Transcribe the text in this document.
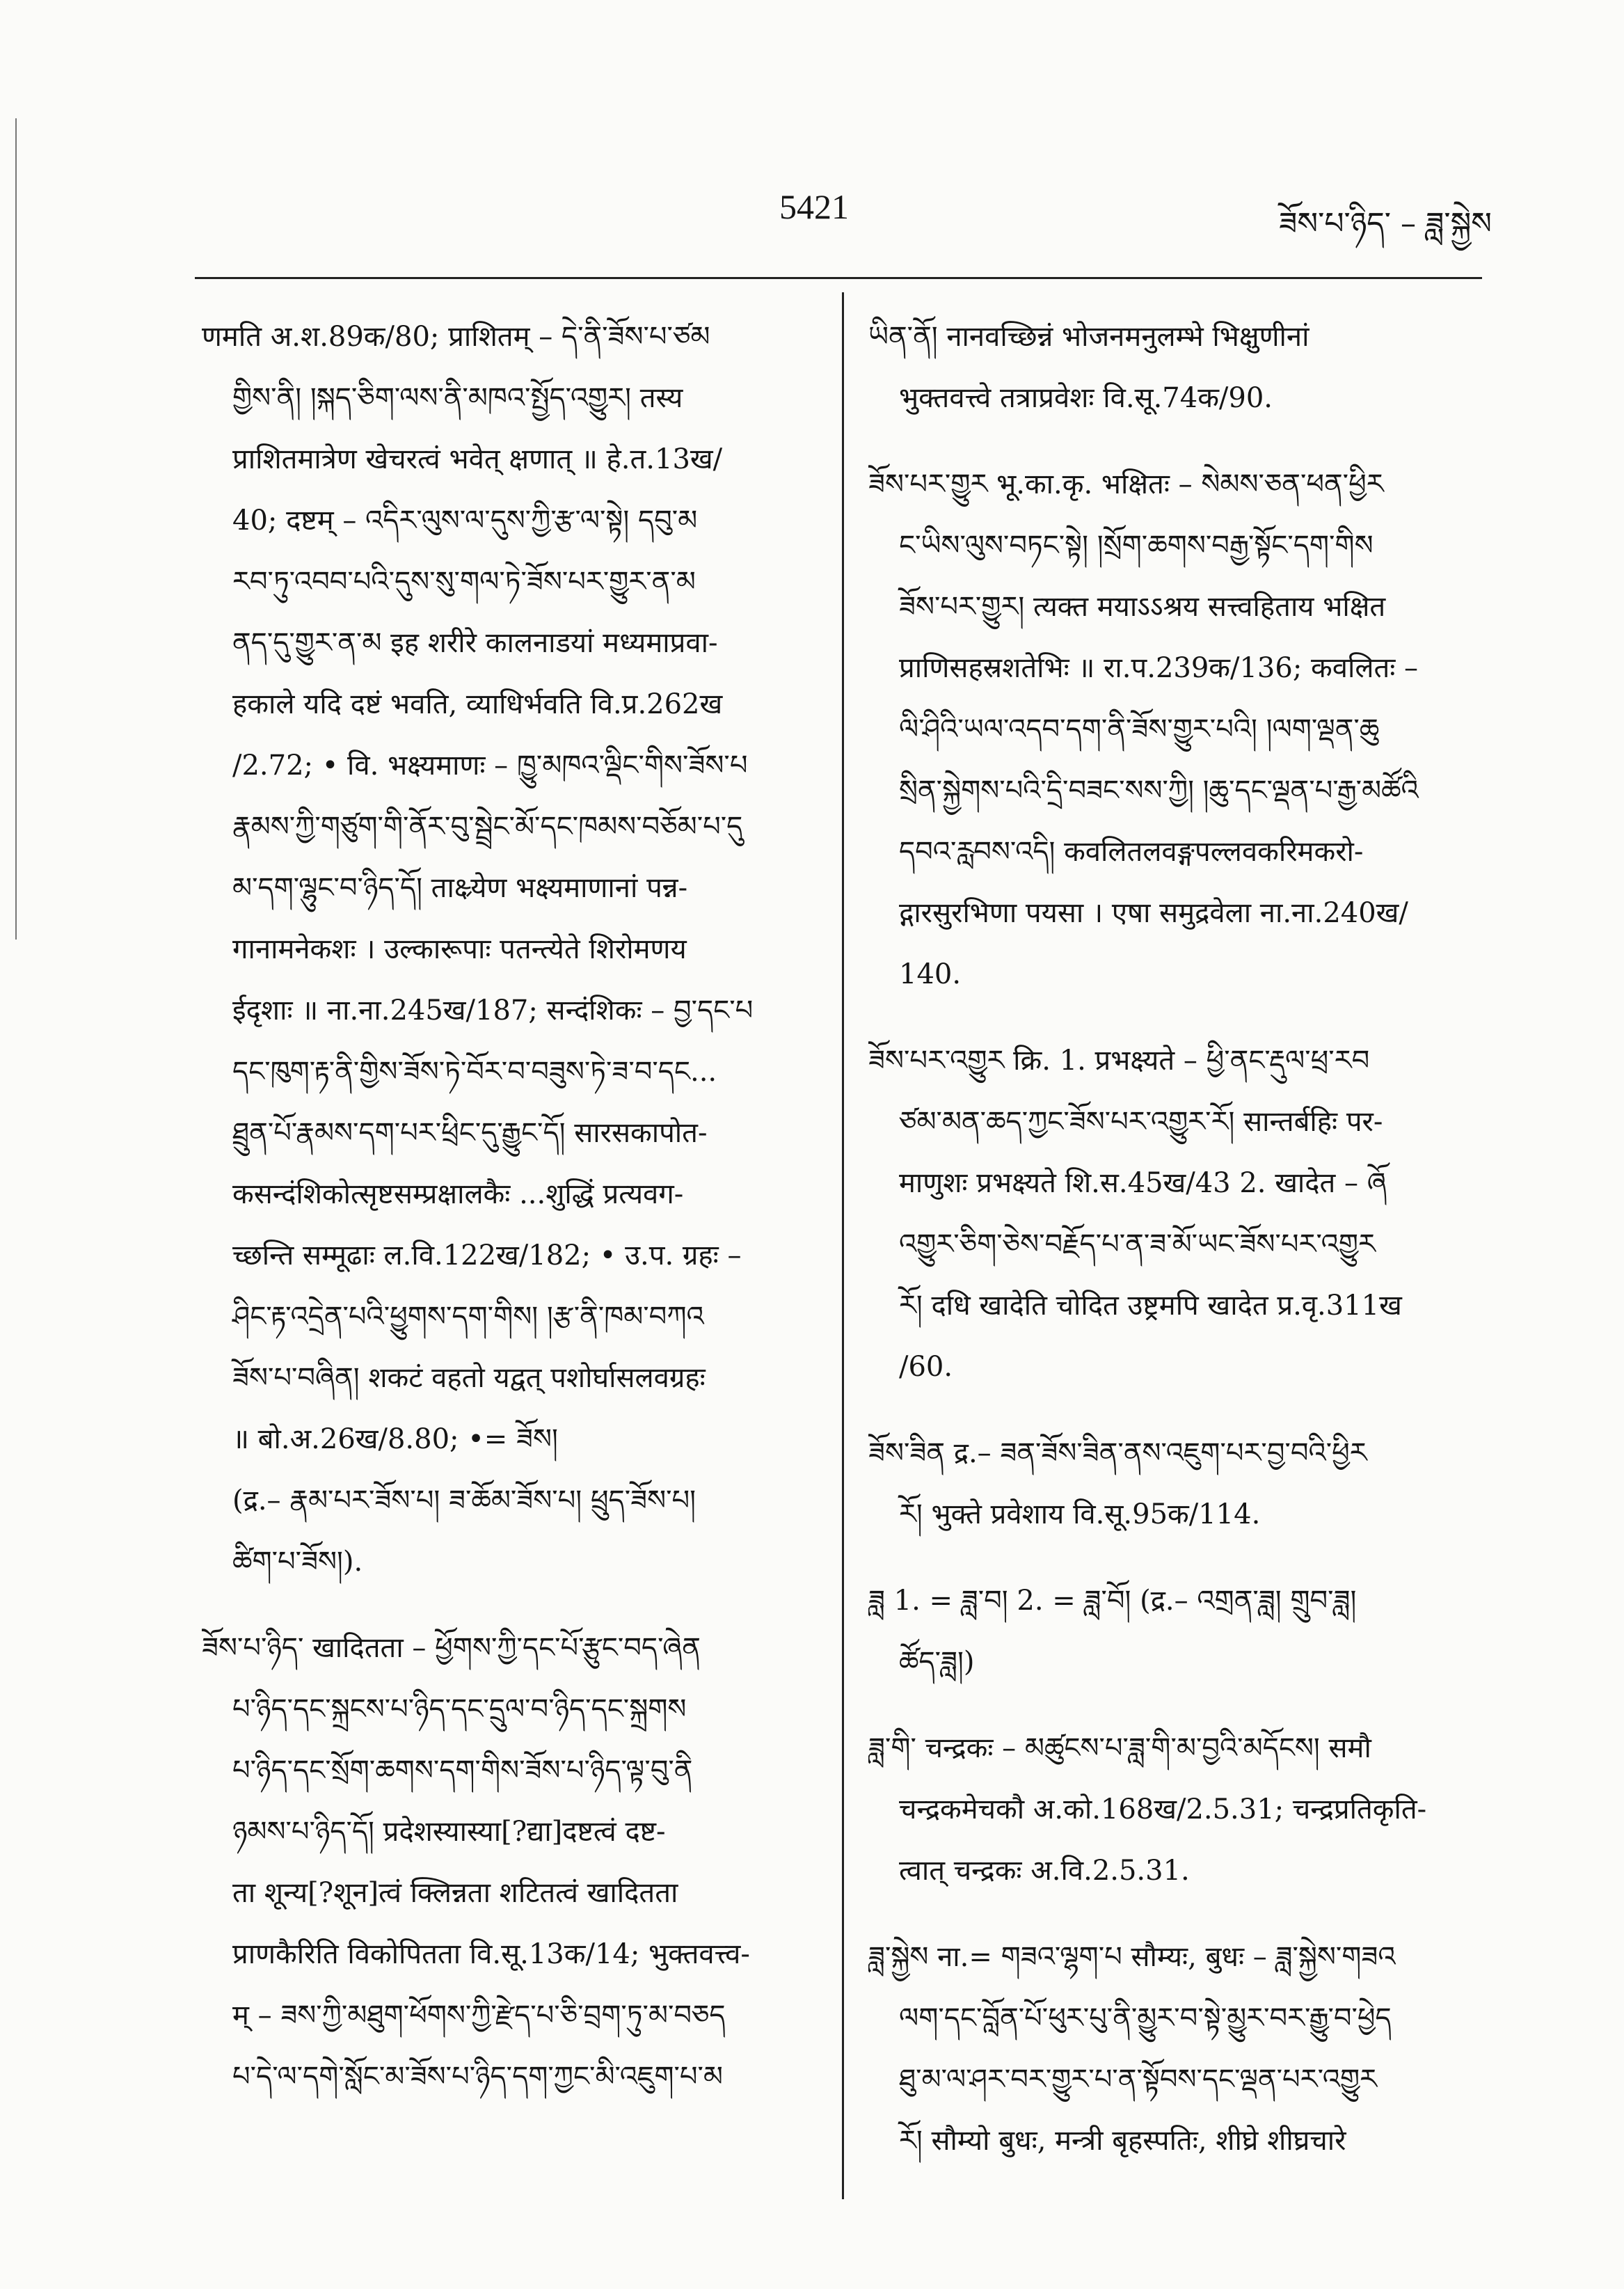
5421	ཟོས་པ་ཉིད་ – ཟླ་སྐྱེས
णमति अ.श.89क/80; प्राशितम् – དེ་ནི་ཟོས་པ་ཙམ
གྱིས་ནི། །སྐད་ཅིག་ལས་ནི་མཁའ་སྤྱོད་འགྱུར། तस्य
प्राशितमात्रेण खेचरत्वं भवेत् क्षणात् ॥ हे.त.13ख/
40; दष्टम् – འདིར་ལུས་ལ་དུས་ཀྱི་རྩ་ལ་སྟེ། དབུ་མ
རབ་ཏུ་འབབ་པའི་དུས་སུ་གལ་ཏེ་ཟོས་པར་གྱུར་ན་མ
ནད་དུ་གྱུར་ན་མ इह शरीरे कालनाडयां मध्यमाप्रवा-
हकाले यदि दष्टं भवति, व्याधिर्भवति वि.प्र.262ख
/2.72; • वि. भक्ष्यमाणः – ཁྱུ་མཁའ་ལྡིང་གིས་ཟོས་པ
རྣམས་ཀྱི་གཙུག་གི་ནོར་བུ་སྦྲེང་མོ་དང་ཁམས་བཅོམ་པ་དུ
མ་དག་ལྷུང་བ་ཉིད་དོ། ताक्ष्र्येण भक्ष्यमाणानां पन्न-
गानामनेकशः । उल्कारूपाः पतन्त्येते शिरोमणय
ईदृशाः ॥ ना.ना.245ख/187; सन्दंशिकः – བྱ་དང་པ
དང་ཁུག་རྟ་ནི་གྱིས་ཟོས་ཏེ་བོར་བ་བཟུས་ཏེ་ཟ་བ་དང...
ཐྲུན་པོ་རྣམས་དག་པར་ཕྲིང་དུ་རྒྱུང་དོ། सारसकापोत-
कसन्दंशिकोत्सृष्टसम्प्रक्षालकैः ...शुद्धिं प्रत्यवग-
च्छन्ति सम्मूढाः ल.वि.122ख/182; • उ.प. ग्रहः –
ཤིང་རྟ་འདྲེན་པའི་ཕྱུགས་དག་གིས། །རྩ་ནི་ཁམ་བཀའ
ཟོས་པ་བཞིན། शकटं वहतो यद्वत् पशोर्घासलवग्रहः
॥ बो.अ.26ख/8.80; •= ཟོས།
(द्र.– རྣམ་པར་ཟོས་པ། ཟ་ཆོམ་ཟོས་པ། ཕྲུད་ཟོས་པ།
ཚིག་པ་ཟོས།).
ཟོས་པ་ཉིད་ खादितता – ཕྱོགས་ཀྱི་དང་པོ་རྩུང་བད་ཞེན
པ་ཉིད་དང་སྐྲངས་པ་ཉིད་དང་དྲུལ་བ་ཉིད་དང་སྐྲགས
པ་ཉིད་དང་སྲོག་ཆགས་དག་གིས་ཟོས་པ་ཉིད་ལྟ་བུ་ནི
ཉམས་པ་ཉིད་དོ། प्रदेशस्यास्या[?द्या]दष्टत्वं दष्ट-
ता शून्य[?शून]त्वं क्लिन्नता शटितत्वं खादितता
प्राणकैरिति विकोपितता वि.सू.13क/14; भुक्तवत्त्व-
म् – ཟས་ཀྱི་མཐུག་ཕོགས་ཀྱི་རྫེད་པ་ཅི་བྲག་ཏུ་མ་བཅད
པ་དེ་ལ་དགེ་སློང་མ་ཟོས་པ་ཉིད་དག་ཀྱང་མི་འཇུག་པ་མ
ཡིན་ནོ། नानवच्छिन्नं भोजनमनुलम्भे भिक्षुणीनां
भुक्तवत्त्वे तत्राप्रवेशः वि.सू.74क/90.
ཟོས་པར་གྱུར भू.का.कृ. भक्षितः – སེམས་ཅན་ཕན་ཕྱིར
ང་ཡིས་ལུས་བཏང་སྟེ། །སྲོག་ཆགས་བརྒྱ་སྟོང་དག་གིས
ཟོས་པར་གྱུར། त्यक्त मयाऽऽश्रय सत्त्वहिताय भक्षित
प्राणिसहस्रशतेभिः ॥ रा.प.239क/136; कवलितः –
ལི་ཤིའི་ཡལ་འདབ་དག་ནི་ཟོས་གྱུར་པའི། །ལག་ལྡན་ཆུ
སྲིན་སྐྱེགས་པའི་དྲི་བཟང་སས་ཀྱི། །ཆུ་དང་ལྡན་པ་རྒྱ་མཚོའི
དབའ་རླབས་འདི། कवलितलवङ्गपल्लवकरिमकरो-
द्गारसुरभिणा पयसा । एषा समुद्रवेला ना.ना.240ख/
140.
ཟོས་པར་འགྱུར क्रि. 1. प्रभक्ष्यते – ཕྱི་ནང་རྡུལ་ཕྲ་རབ
ཙམ་མན་ཆད་ཀྱང་ཟོས་པར་འགྱུར་རོ། सान्तर्बहिः पर-
माणुशः प्रभक्ष्यते शि.स.45ख/43 2. खादेत – ཞོ
འགྱུར་ཅིག་ཅེས་བརྗོད་པ་ན་ཟ་མོ་ཡང་ཟོས་པར་འགྱུར
རོ། दधि खादेति चोदित उष्ट्रमपि खादेत प्र.वृ.311ख
/60.
ཟོས་ཟིན द्र.– ཟན་ཟོས་ཟིན་ནས་འཇུག་པར་བྱ་བའི་ཕྱིར
རོ། भुक्ते प्रवेशाय वि.सू.95क/114.
ཟླ 1. = ཟླ་བ། 2. = ཟླ་བོ། (द्र.– འགྲན་ཟླ། གྲུབ་ཟླ།
ཚོད་ཟླ།)
ཟླ་གི་ चन्द्रकः – མཚུངས་པ་ཟླ་གི་མ་བྱའི་མདོངས། समौ
चन्द्रकमेचकौ अ.को.168ख/2.5.31; चन्द्रप्रतिकृति-
त्वात् चन्द्रकः अ.वि.2.5.31.
ཟླ་སྐྱེས ना.= གཟའ་ལྷག་པ सौम्यः, बुधः – ཟླ་སྐྱེས་གཟའ
ལག་དང་བློན་པོ་ཕུར་པུ་ནི་མྱུར་བ་སྟེ་མྱུར་བར་རྒྱུ་བ་ཕྱེད
ཐུ་མ་ལ་ཤར་བར་གྱུར་པ་ན་སྟོབས་དང་ལྡན་པར་འགྱུར
རོ། सौम्यो बुधः, मन्त्री बृहस्पतिः, शीघ्रे शीघ्रचारे
